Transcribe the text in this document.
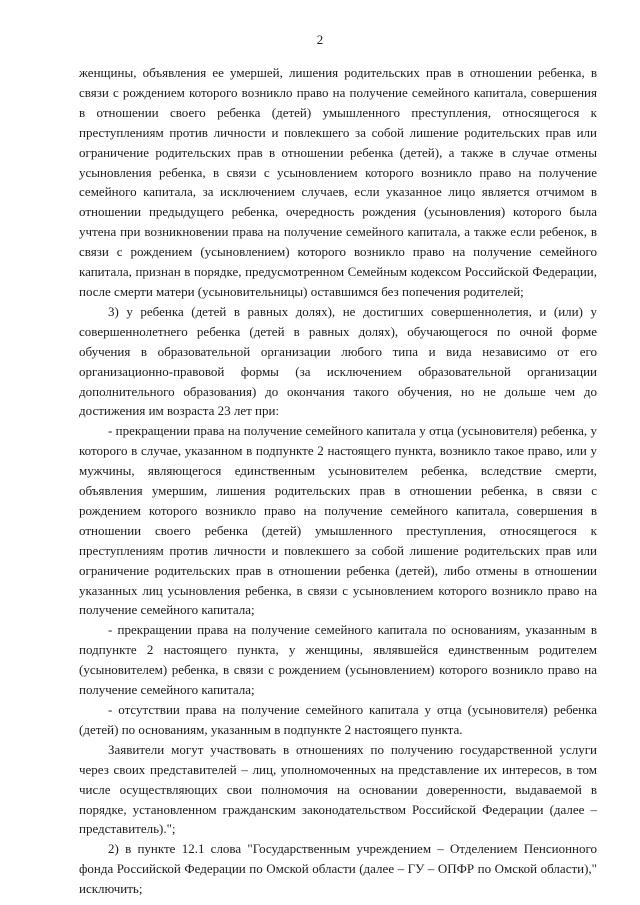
2

женщины, объявления ее умершей, лишения родительских прав в отношении ребенка, в связи с рождением которого возникло право на получение семейного капитала, совершения в отношении своего ребенка (детей) умышленного преступления, относящегося к преступлениям против личности и повлекшего за собой лишение родительских прав или ограничение родительских прав в отношении ребенка (детей), а также в случае отмены усыновления ребенка, в связи с усыновлением которого возникло право на получение семейного капитала, за исключением случаев, если указанное лицо является отчимом в отношении предыдущего ребенка, очередность рождения (усыновления) которого была учтена при возникновении права на получение семейного капитала, а также если ребенок, в связи с рождением (усыновлением) которого возникло право на получение семейного капитала, признан в порядке, предусмотренном Семейным кодексом Российской Федерации, после смерти матери (усыновительницы) оставшимся без попечения родителей;

3) у ребенка (детей в равных долях), не достигших совершеннолетия, и (или) у совершеннолетнего ребенка (детей в равных долях), обучающегося по очной форме обучения в образовательной организации любого типа и вида независимо от его организационно-правовой формы (за исключением образовательной организации дополнительного образования) до окончания такого обучения, но не дольше чем до достижения им возраста 23 лет при:

- прекращении права на получение семейного капитала у отца (усыновителя) ребенка, у которого в случае, указанном в подпункте 2 настоящего пункта, возникло такое право, или у мужчины, являющегося единственным усыновителем ребенка, вследствие смерти, объявления умершим, лишения родительских прав в отношении ребенка, в связи с рождением которого возникло право на получение семейного капитала, совершения в отношении своего ребенка (детей) умышленного преступления, относящегося к преступлениям против личности и повлекшего за собой лишение родительских прав или ограничение родительских прав в отношении ребенка (детей), либо отмены в отношении указанных лиц усыновления ребенка, в связи с усыновлением которого возникло право на получение семейного капитала;

- прекращении права на получение семейного капитала по основаниям, указанным в подпункте 2 настоящего пункта, у женщины, являвшейся единственным родителем (усыновителем) ребенка, в связи с рождением (усыновлением) которого возникло право на получение семейного капитала;

- отсутствии права на получение семейного капитала у отца (усыновителя) ребенка (детей) по основаниям, указанным в подпункте 2 настоящего пункта.

Заявители могут участвовать в отношениях по получению государственной услуги через своих представителей – лиц, уполномоченных на представление их интересов, в том числе осуществляющих свои полномочия на основании доверенности, выдаваемой в порядке, установленном гражданским законодательством Российской Федерации (далее – представитель).";

2) в пункте 12.1 слова "Государственным учреждением – Отделением Пенсионного фонда Российской Федерации по Омской области (далее – ГУ – ОПФР по Омской области)," исключить;
